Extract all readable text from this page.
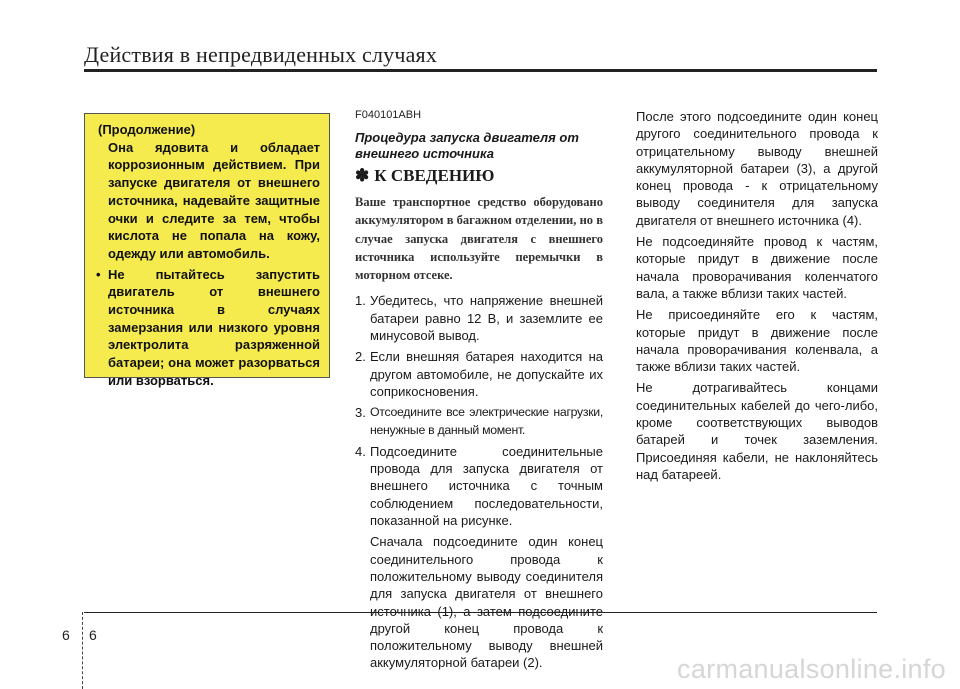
Действия в непредвиденных случаях
(Продолжение)
Она ядовита и обладает коррозионным действием. При запуске двигателя от внешнего источника, надевайте защитные очки и следите за тем, чтобы кислота не попала на кожу, одежду или автомобиль.
• Не пытайтесь запустить двигатель от внешнего источника в случаях замерзания или низкого уровня электролита разряженной батареи; она может разорваться или взорваться.
F040101ABH
Процедура запуска двигателя от внешнего источника
✽ К СВЕДЕНИЮ
Ваше транспортное средство оборудовано аккумулятором в багажном отделении, но в случае запуска двигателя с внешнего источника используйте перемычки в моторном отсеке.
1. Убедитесь, что напряжение внешней батареи равно 12 В, и заземлите ее минусовой вывод.
2. Если внешняя батарея находится на другом автомобиле, не допускайте их соприкосновения.
3. Отсоедините все электрические нагрузки, ненужные в данный момент.
4. Подсоедините соединительные провода для запуска двигателя от внешнего источника с точным соблюдением последовательности, показанной на рисунке.
Сначала подсоедините один конец соединительного провода к положительному выводу соединителя для запуска двигателя от внешнего другой конец провода к положительному выводу внешней аккумуляторной батареи (2).

После этого подсоедините один конец другого соединительного провода к отрицательному выводу внешней аккумуляторной батареи (3), а другой конец провода - к отрицательному выводу соединителя для запуска двигателя от внешнего источника (4).

Не подсоединяйте провод к частям, которые придут в движение после начала проворачивания коленчатого вала, а также вблизи таких частей.

Не присоединяйте его к частям, которые придут в движение после начала проворачивания коленвала, а также вблизи таких частей.

Не дотрагивайтесь концами соединительных кабелей до чего-либо, кроме соответствующих выводов батарей и точек заземления. Присоединяя кабели, не наклоняйтесь над батареей.

6 6
carmanualsonline.info
